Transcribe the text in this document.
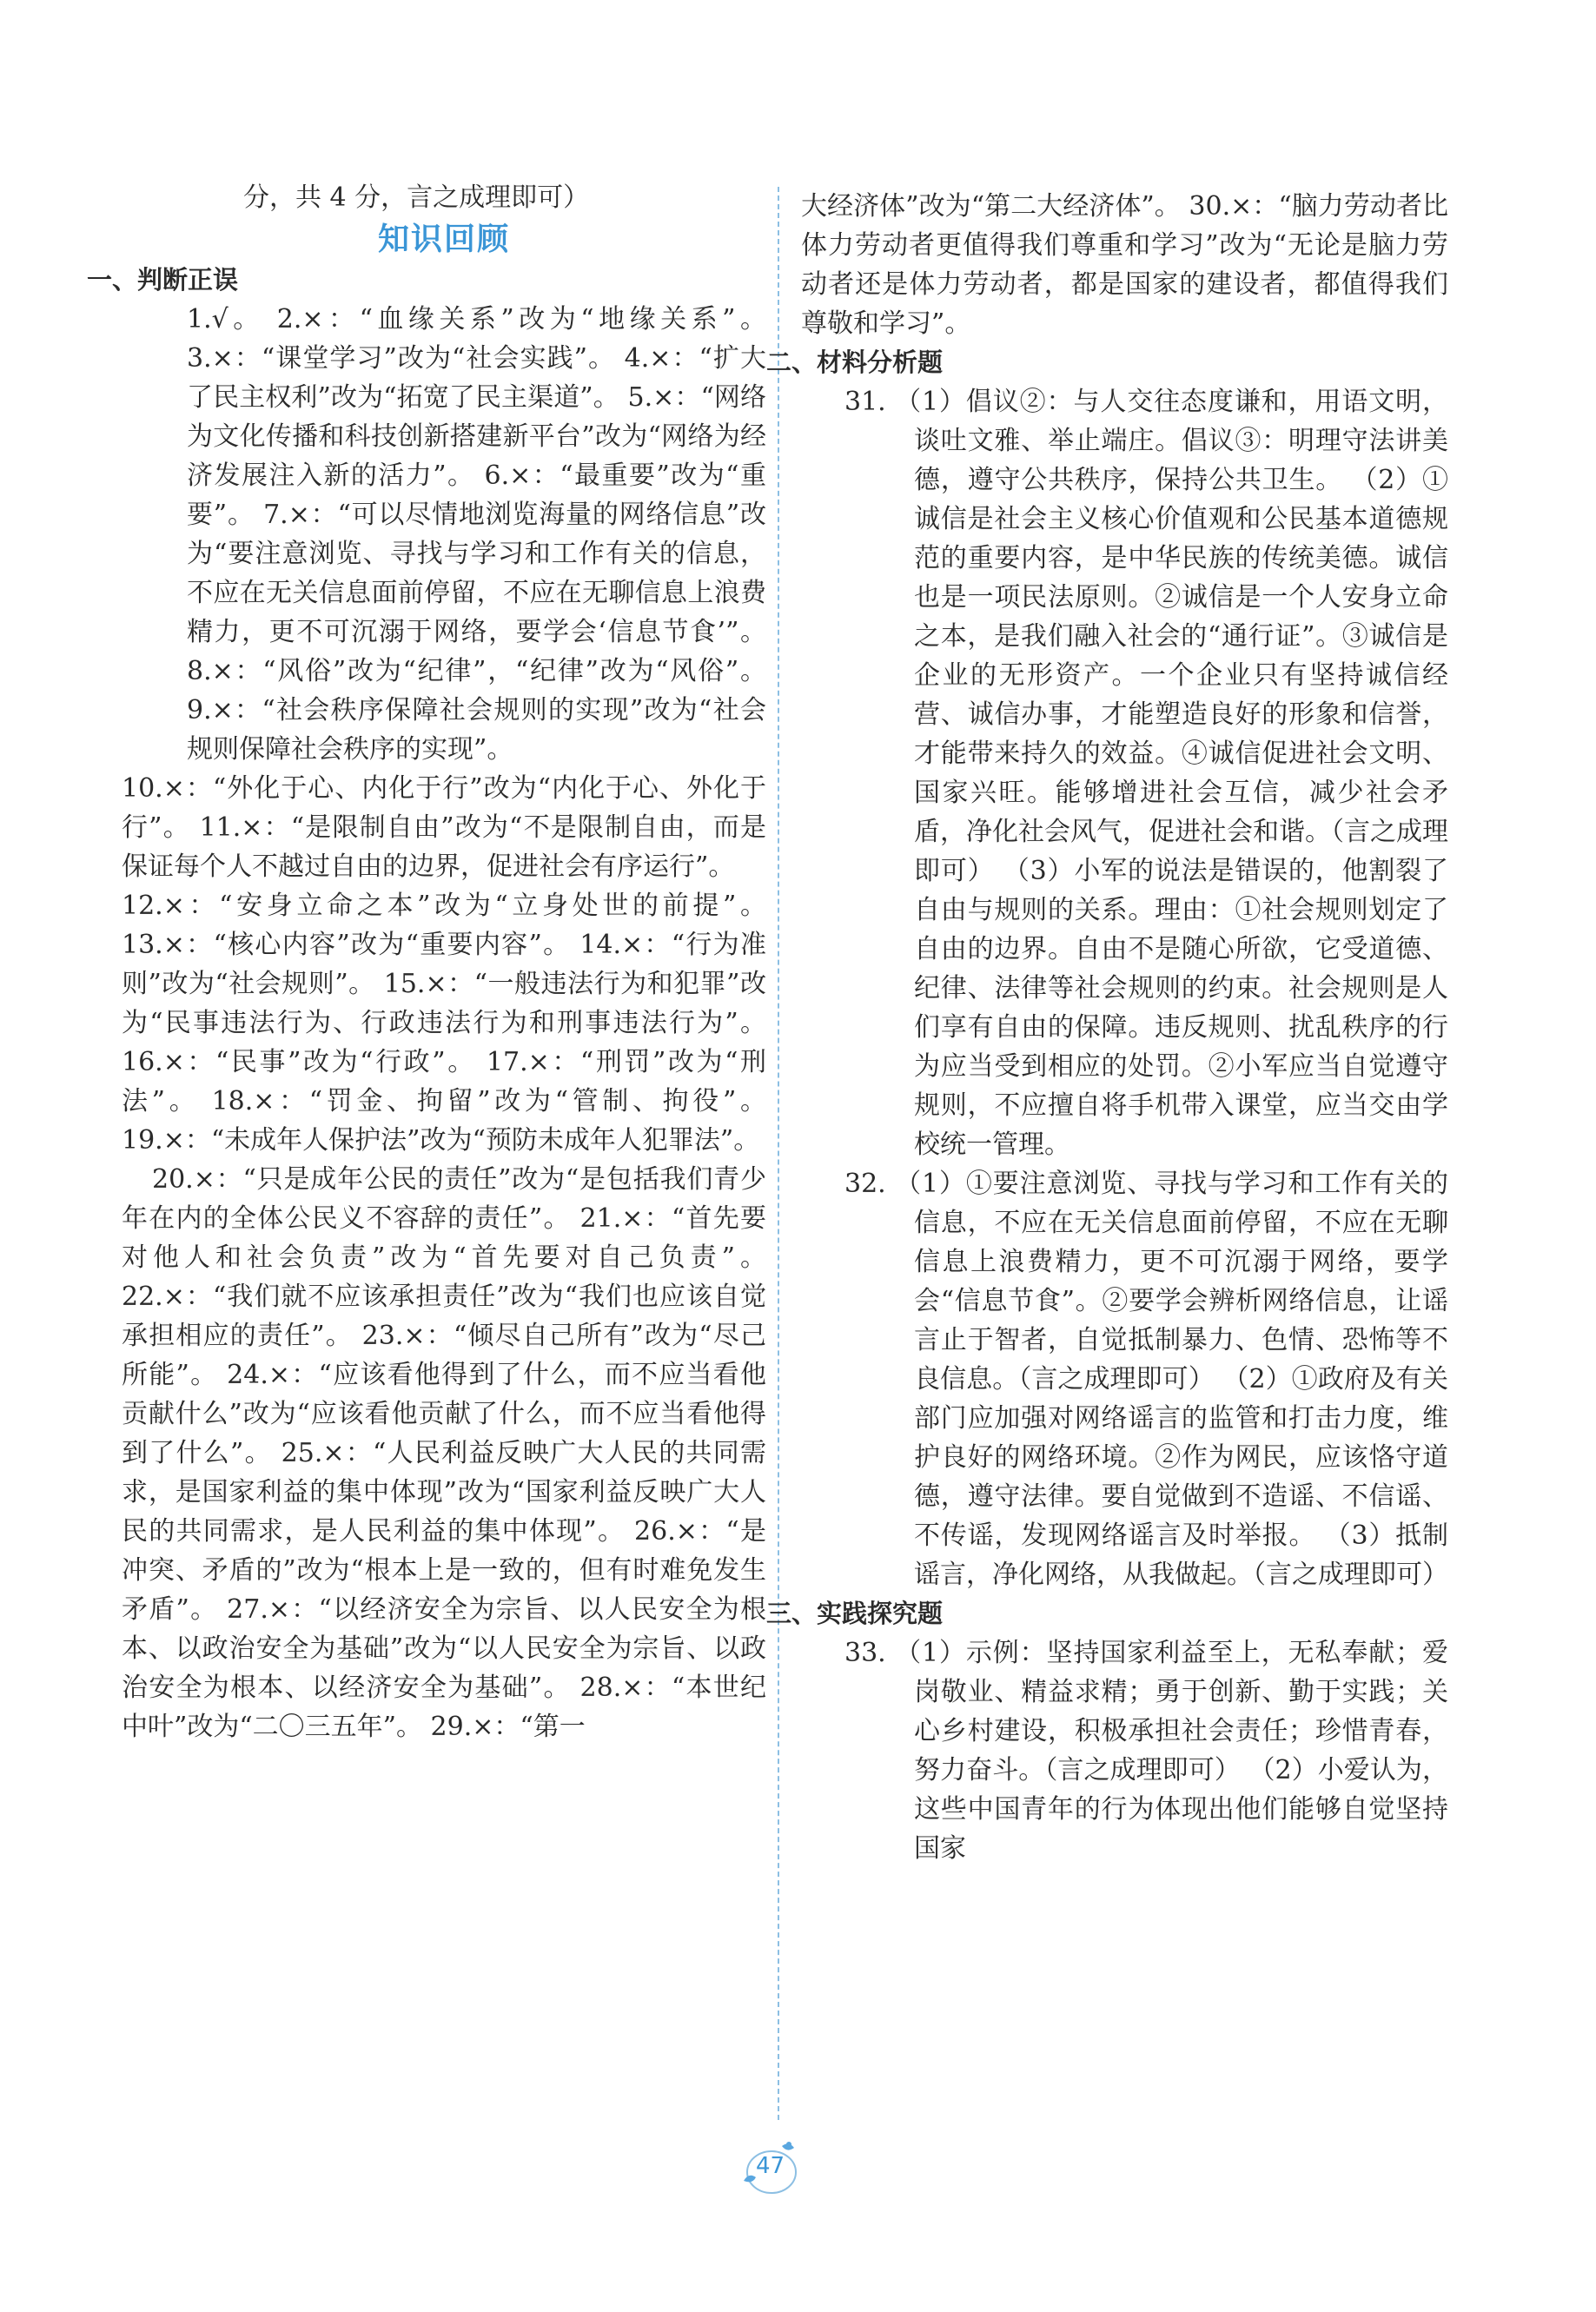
分，共 4 分，言之成理即可）

知识回顾

一、判断正误

1.√。 2.×：“血缘关系”改为“地缘关系”。 3.×：“课堂学习”改为“社会实践”。 4.×：“扩大了民主权利”改为“拓宽了民主渠道”。 5.×：“网络为文化传播和科技创新搭建新平台”改为“网络为经济发展注入新的活力”。 6.×：“最重要”改为“重要”。 7.×：“可以尽情地浏览海量的网络信息”改为“要注意浏览、寻找与学习和工作有关的信息，不应在无关信息面前停留，不应在无聊信息上浪费精力，更不可沉溺于网络，要学会‘信息节食’”。 8.×：“风俗”改为“纪律”，“纪律”改为“风俗”。 9.×：“社会秩序保障社会规则的实现”改为“社会规则保障社会秩序的实现”。

10.×：“外化于心、内化于行”改为“内化于心、外化于行”。 11.×：“是限制自由”改为“不是限制自由，而是保证每个人不越过自由的边界，促进社会有序运行”。

12.×：“安身立命之本”改为“立身处世的前提”。 13.×：“核心内容”改为“重要内容”。 14.×：“行为准则”改为“社会规则”。 15.×：“一般违法行为和犯罪”改为“民事违法行为、行政违法行为和刑事违法行为”。 16.×：“民事”改为“行政”。 17.×：“刑罚”改为“刑法”。 18.×：“罚金、拘留”改为“管制、拘役”。 19.×：“未成年人保护法”改为“预防未成年人犯罪法”。

20.×：“只是成年公民的责任”改为“是包括我们青少年在内的全体公民义不容辞的责任”。 21.×：“首先要对他人和社会负责”改为“首先要对自己负责”。 22.×：“我们就不应该承担责任”改为“我们也应该自觉承担相应的责任”。 23.×：“倾尽自己所有”改为“尽己所能”。 24.×：“应该看他得到了什么，而不应当看他贡献什么”改为“应该看他贡献了什么，而不应当看他得到了什么”。 25.×：“人民利益反映广大人民的共同需求，是国家利益的集中体现”改为“国家利益反映广大人民的共同需求，是人民利益的集中体现”。 26.×：“是冲突、矛盾的”改为“根本上是一致的，但有时难免发生矛盾”。 27.×：“以经济安全为宗旨、以人民安全为根本、以政治安全为基础”改为“以人民安全为宗旨、以政治安全为根本、以经济安全为基础”。 28.×：“本世纪中叶”改为“二〇三五年”。 29.×：“第一

大经济体”改为“第二大经济体”。 30.×：“脑力劳动者比体力劳动者更值得我们尊重和学习”改为“无论是脑力劳动者还是体力劳动者，都是国家的建设者，都值得我们尊敬和学习”。

二、材料分析题

31. （1）倡议②：与人交往态度谦和，用语文明，谈吐文雅、举止端庄。倡议③：明理守法讲美德，遵守公共秩序，保持公共卫生。 （2）①诚信是社会主义核心价值观和公民基本道德规范的重要内容，是中华民族的传统美德。诚信也是一项民法原则。②诚信是一个人安身立命之本，是我们融入社会的“通行证”。③诚信是企业的无形资产。一个企业只有坚持诚信经营、诚信办事，才能塑造良好的形象和信誉，才能带来持久的效益。④诚信促进社会文明、国家兴旺。能够增进社会互信，减少社会矛盾，净化社会风气，促进社会和谐。（言之成理即可） （3）小军的说法是错误的，他割裂了自由与规则的关系。理由：①社会规则划定了自由的边界。自由不是随心所欲，它受道德、纪律、法律等社会规则的约束。社会规则是人们享有自由的保障。违反规则、扰乱秩序的行为应当受到相应的处罚。②小军应当自觉遵守规则，不应擅自将手机带入课堂，应当交由学校统一管理。

32. （1）①要注意浏览、寻找与学习和工作有关的信息，不应在无关信息面前停留，不应在无聊信息上浪费精力，更不可沉溺于网络，要学会“信息节食”。②要学会辨析网络信息，让谣言止于智者，自觉抵制暴力、色情、恐怖等不良信息。（言之成理即可） （2）①政府及有关部门应加强对网络谣言的监管和打击力度，维护良好的网络环境。②作为网民，应该恪守道德，遵守法律。要自觉做到不造谣、不信谣、不传谣，发现网络谣言及时举报。 （3）抵制谣言，净化网络，从我做起。（言之成理即可）

三、实践探究题

33. （1）示例：坚持国家利益至上，无私奉献；爱岗敬业、精益求精；勇于创新、勤于实践；关心乡村建设，积极承担社会责任；珍惜青春，努力奋斗。（言之成理即可） （2）小爱认为，这些中国青年的行为体现出他们能够自觉坚持国家

47
